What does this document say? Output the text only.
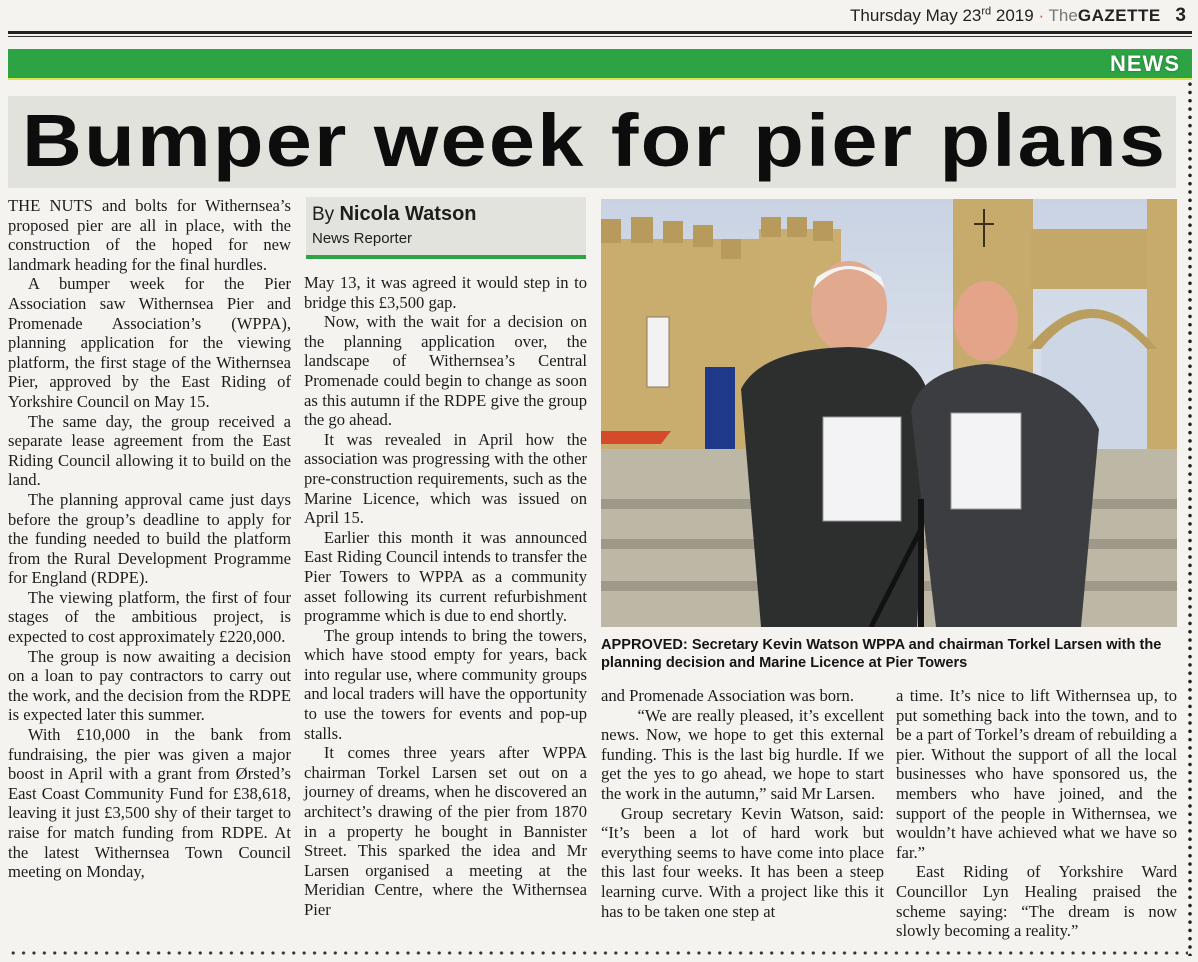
Thursday May 23rd 2019 · TheGAZETTE 3
NEWS
Bumper week for pier plans

THE NUTS and bolts for Withernsea’s proposed pier are all in place, with the construction of the hoped for new landmark heading for the final hurdles.

A bumper week for the Pier Association saw Withernsea Pier and Promenade Association’s (WPPA), planning application for the viewing platform, the first stage of the Withernsea Pier, approved by the East Riding of Yorkshire Council on May 15.

The same day, the group received a separate lease agreement from the East Riding Council allowing it to build on the land.

The planning approval came just days before the group’s deadline to apply for the funding needed to build the platform from the Rural Development Programme for England (RDPE).

The viewing platform, the first of four stages of the ambitious project, is expected to cost approximately £220,000.

The group is now awaiting a decision on a loan to pay contractors to carry out the work, and the decision from the RDPE is expected later this summer.

With £10,000 in the bank from fundraising, the pier was given a major boost in April with a grant from Ørsted’s East Coast Community Fund for £38,618, leaving it just £3,500 shy of their target to raise for match funding from RDPE. At the latest Withernsea Town Council meeting on Monday,

By Nicola Watson
News Reporter

May 13, it was agreed it would step in to bridge this £3,500 gap.

Now, with the wait for a decision on the planning application over, the landscape of Withernsea’s Central Promenade could begin to change as soon as this autumn if the RDPE give the group the go ahead.

It was revealed in April how the association was progressing with the other pre-construction requirements, such as the Marine Licence, which was issued on April 15.

Earlier this month it was announced East Riding Council intends to transfer the Pier Towers to WPPA as a community asset following its current refurbishment programme which is due to end shortly.

The group intends to bring the towers, which have stood empty for years, back into regular use, where community groups and local traders will have the opportunity to use the towers for events and pop-up stalls.

It comes three years after WPPA chairman Torkel Larsen set out on a journey of dreams, when he discovered an architect’s drawing of the pier from 1870 in a property he bought in Bannister Street. This sparked the idea and Mr Larsen organised a meeting at the Meridian Centre, where the Withernsea Pier

APPROVED: Secretary Kevin Watson WPPA and chairman Torkel Larsen with the planning decision and Marine Licence at Pier Towers

and Promenade Association was born.

“We are really pleased, it’s excellent news. Now, we hope to get this external funding. This is the last big hurdle. If we get the yes to go ahead, we hope to start the work in the autumn,” said Mr Larsen.

Group secretary Kevin Watson, said: “It’s been a lot of hard work but everything seems to have come into place this last four weeks. It has been a steep learning curve. With a project like this it has to be taken one step at

a time. It’s nice to lift Withernsea up, to put something back into the town, and to be a part of Torkel’s dream of rebuilding a pier. Without the support of all the local businesses who have sponsored us, the members who have joined, and the support of the people in Withernsea, we wouldn’t have achieved what we have so far.”

East Riding of Yorkshire Ward Councillor Lyn Healing praised the scheme saying: “The dream is now slowly becoming a reality.”
